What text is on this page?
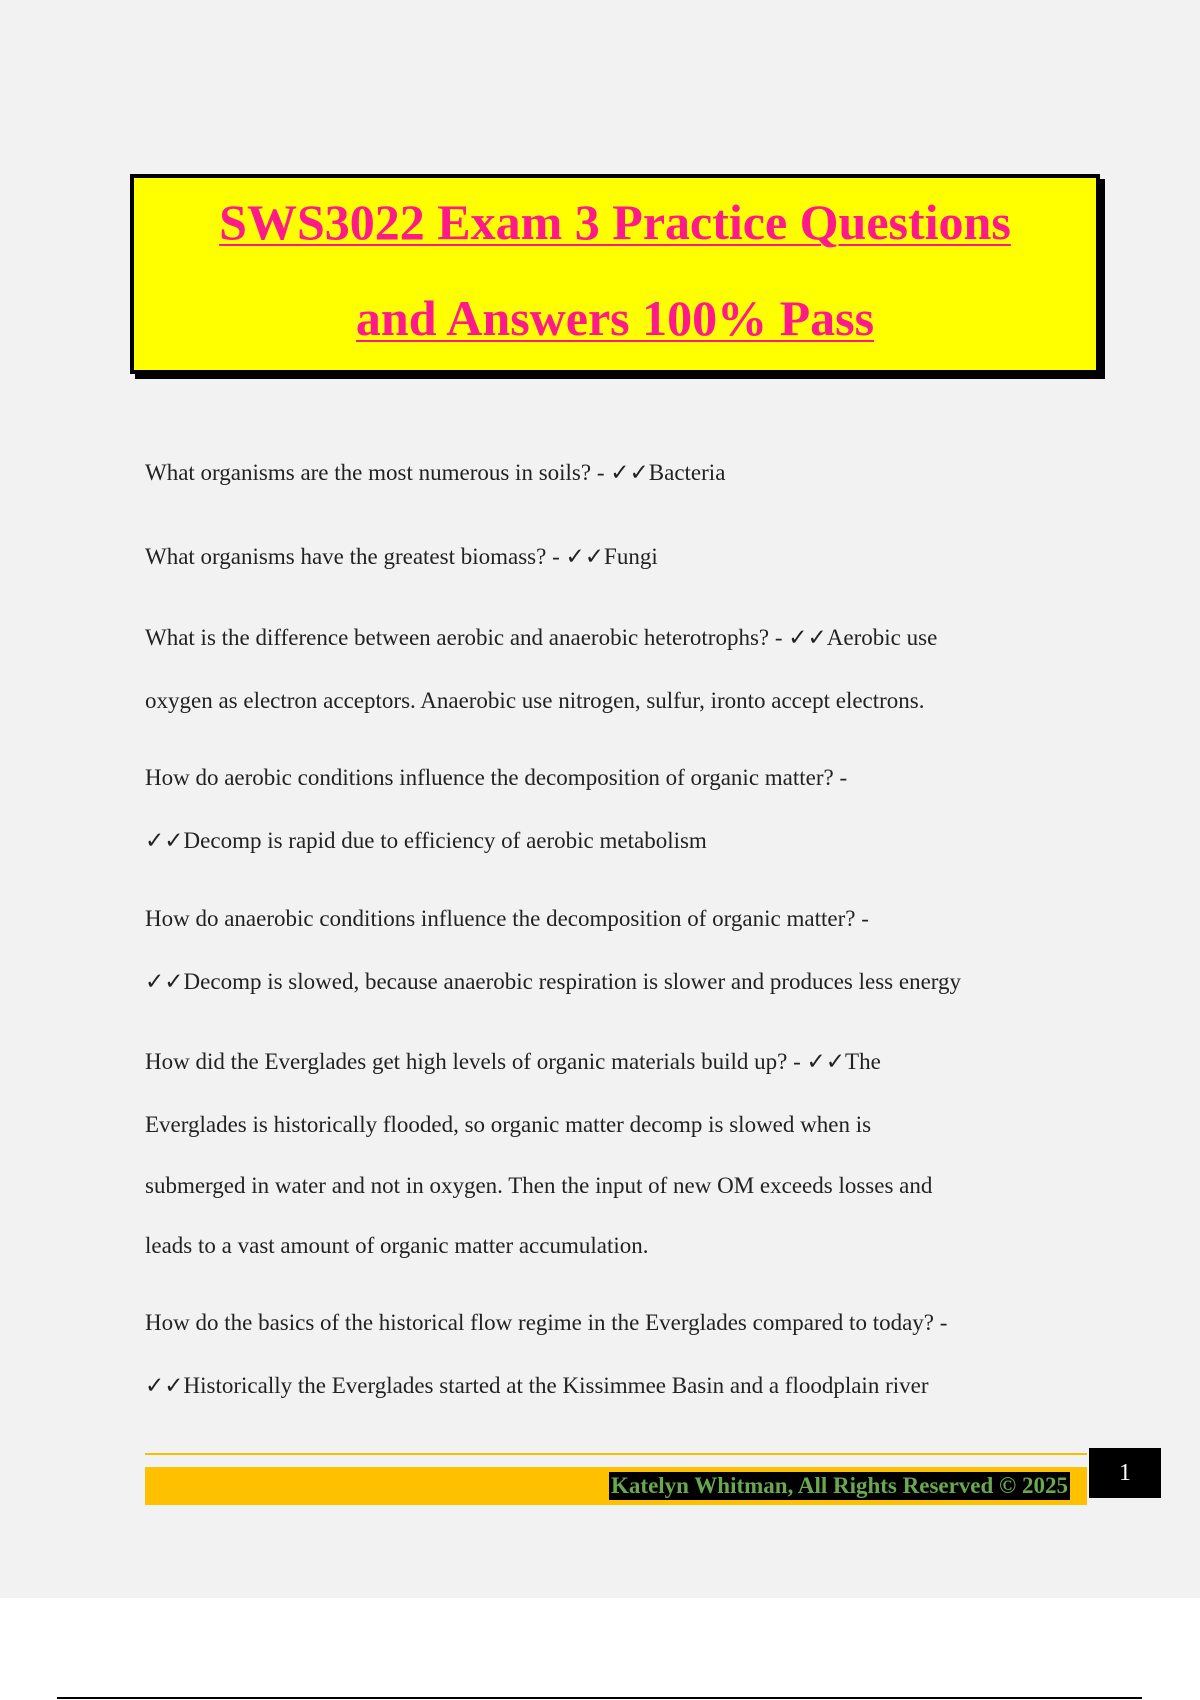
SWS3022 Exam 3 Practice Questions
and Answers 100% Pass
What organisms are the most numerous in soils? - ✓✓Bacteria
What organisms have the greatest biomass? - ✓✓Fungi
What is the difference between aerobic and anaerobic heterotrophs? - ✓✓Aerobic use
oxygen as electron acceptors. Anaerobic use nitrogen, sulfur, ironto accept electrons.
How do aerobic conditions influence the decomposition of organic matter? -
✓✓Decomp is rapid due to efficiency of aerobic metabolism
How do anaerobic conditions influence the decomposition of organic matter? -
✓✓Decomp is slowed, because anaerobic respiration is slower and produces less energy
How did the Everglades get high levels of organic materials build up? - ✓✓The
Everglades is historically flooded, so organic matter decomp is slowed when is
submerged in water and not in oxygen. Then the input of new OM exceeds losses and
leads to a vast amount of organic matter accumulation.
How do the basics of the historical flow regime in the Everglades compared to today? -
✓✓Historically the Everglades started at the Kissimmee Basin and a floodplain river
Katelyn Whitman, All Rights Reserved © 2025	1
